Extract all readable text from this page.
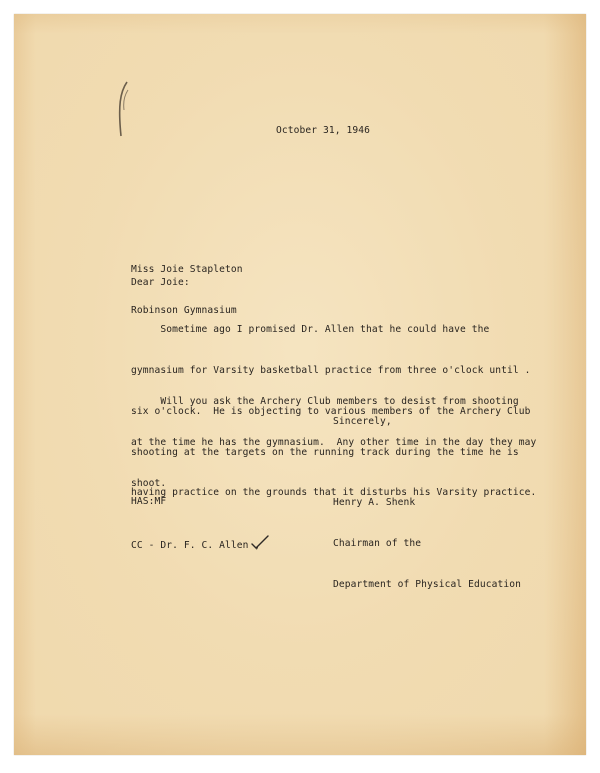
October 31, 1946

Miss Joie Stapleton

Robinson Gymnasium

Dear Joie:

Sometime ago I promised Dr. Allen that he could have the

gymnasium for Varsity basketball practice from three o'clock until .

six o'clock.  He is objecting to various members of the Archery Club

shooting at the targets on the running track during the time he is

having practice on the grounds that it disturbs his Varsity practice.

Will you ask the Archery Club members to desist from shooting

at the time he has the gymnasium.  Any other time in the day they may

shoot.

Sincerely,

Henry A. Shenk

Chairman of the

Department of Physical Education

HAS:MF
CC - Dr. F. C. Allen ,
